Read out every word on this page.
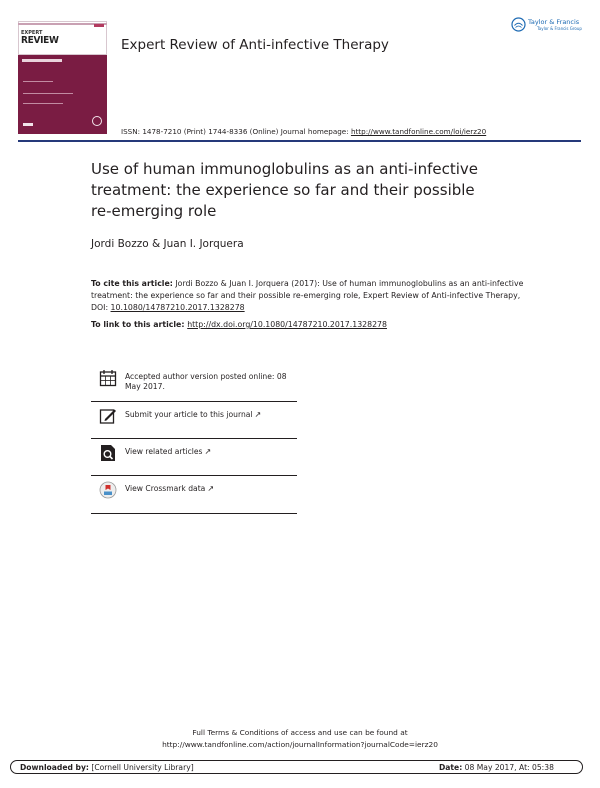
EXPERT
REVIEW	Expert Review of Anti-infective Therapy
Taylor & Francis
Taylor & Francis Group
ISSN: 1478-7210 (Print) 1744-8336 (Online) Journal homepage: http://www.tandfonline.com/loi/ierz20
Use of human immunoglobulins as an anti-infective treatment: the experience so far and their possible re-emerging role
Jordi Bozzo & Juan I. Jorquera
To cite this article: Jordi Bozzo & Juan I. Jorquera (2017): Use of human immunoglobulins as an anti-infective treatment: the experience so far and their possible re-emerging role, Expert Review of Anti-infective Therapy, DOI: 10.1080/14787210.2017.1328278
To link to this article: http://dx.doi.org/10.1080/14787210.2017.1328278
Accepted author version posted online: 08 May 2017.
Submit your article to this journal ↗
View related articles ↗
View Crossmark data ↗
Full Terms & Conditions of access and use can be found at
http://www.tandfonline.com/action/journalInformation?journalCode=ierz20
Downloaded by: [Cornell University Library]	Date: 08 May 2017, At: 05:38
